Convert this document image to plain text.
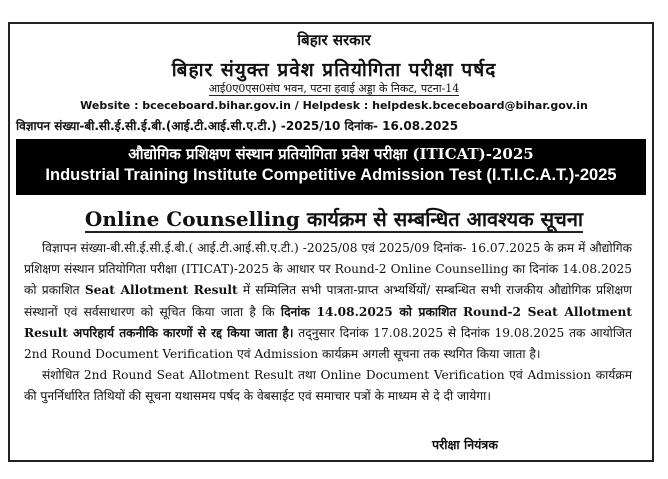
बिहार सरकार
बिहार संयुक्त प्रवेश प्रतियोगिता परीक्षा पर्षद
आई0ए0एस0संघ भवन, पटना हवाई अड्डा के निकट, पटना-14
Website : bceceboard.bihar.gov.in / Helpdesk : helpdesk.bceceboard@bihar.gov.in
विज्ञापन संख्या-बी.सी.ई.सी.ई.बी.(आई.टी.आई.सी.ए.टी.) -2025/10 दिनांक- 16.08.2025
औद्योगिक प्रशिक्षण संस्थान प्रतियोगिता प्रवेश परीक्षा (ITICAT)-2025
Industrial Training Institute Competitive Admission Test (I.T.I.C.A.T.)-2025
Online Counselling कार्यक्रम से सम्बन्धित आवश्यक सूचना

विज्ञापन संख्या-बी.सी.ई.सी.ई.बी.( आई.टी.आई.सी.ए.टी.) -2025/08 एवं 2025/09 दिनांक- 16.07.2025 के क्रम में औद्योगिक प्रशिक्षण संस्थान प्रतियोगिता परीक्षा (ITICAT)-2025 के आधार पर Round-2 Online Counselling का दिनांक 14.08.2025 को प्रकाशित Seat Allotment Result में सम्मिलित सभी पात्रता-प्राप्त अभ्यर्थियों/ सम्बन्धित सभी राजकीय औद्योगिक प्रशिक्षण संस्थानों एवं सर्वसाधारण को सूचित किया जाता है कि दिनांक 14.08.2025 को प्रकाशित Round-2 Seat Allotment Result अपरिहार्य तकनीकि कारणों से रद्द किया जाता है। तद्नुसार दिनांक 17.08.2025 से दिनांक 19.08.2025 तक आयोजित 2nd Round Document Verification एवं Admission कार्यक्रम अगली सूचना तक स्थगित किया जाता है।

संशोधित 2nd Round Seat Allotment Result तथा Online Document Verification एवं Admission कार्यक्रम की पुनर्निर्धारित तिथियों की सूचना यथासमय पर्षद के वेबसाईट एवं समाचार पत्रों के माध्यम से दे दी जायेगा।

परीक्षा नियंत्रक
